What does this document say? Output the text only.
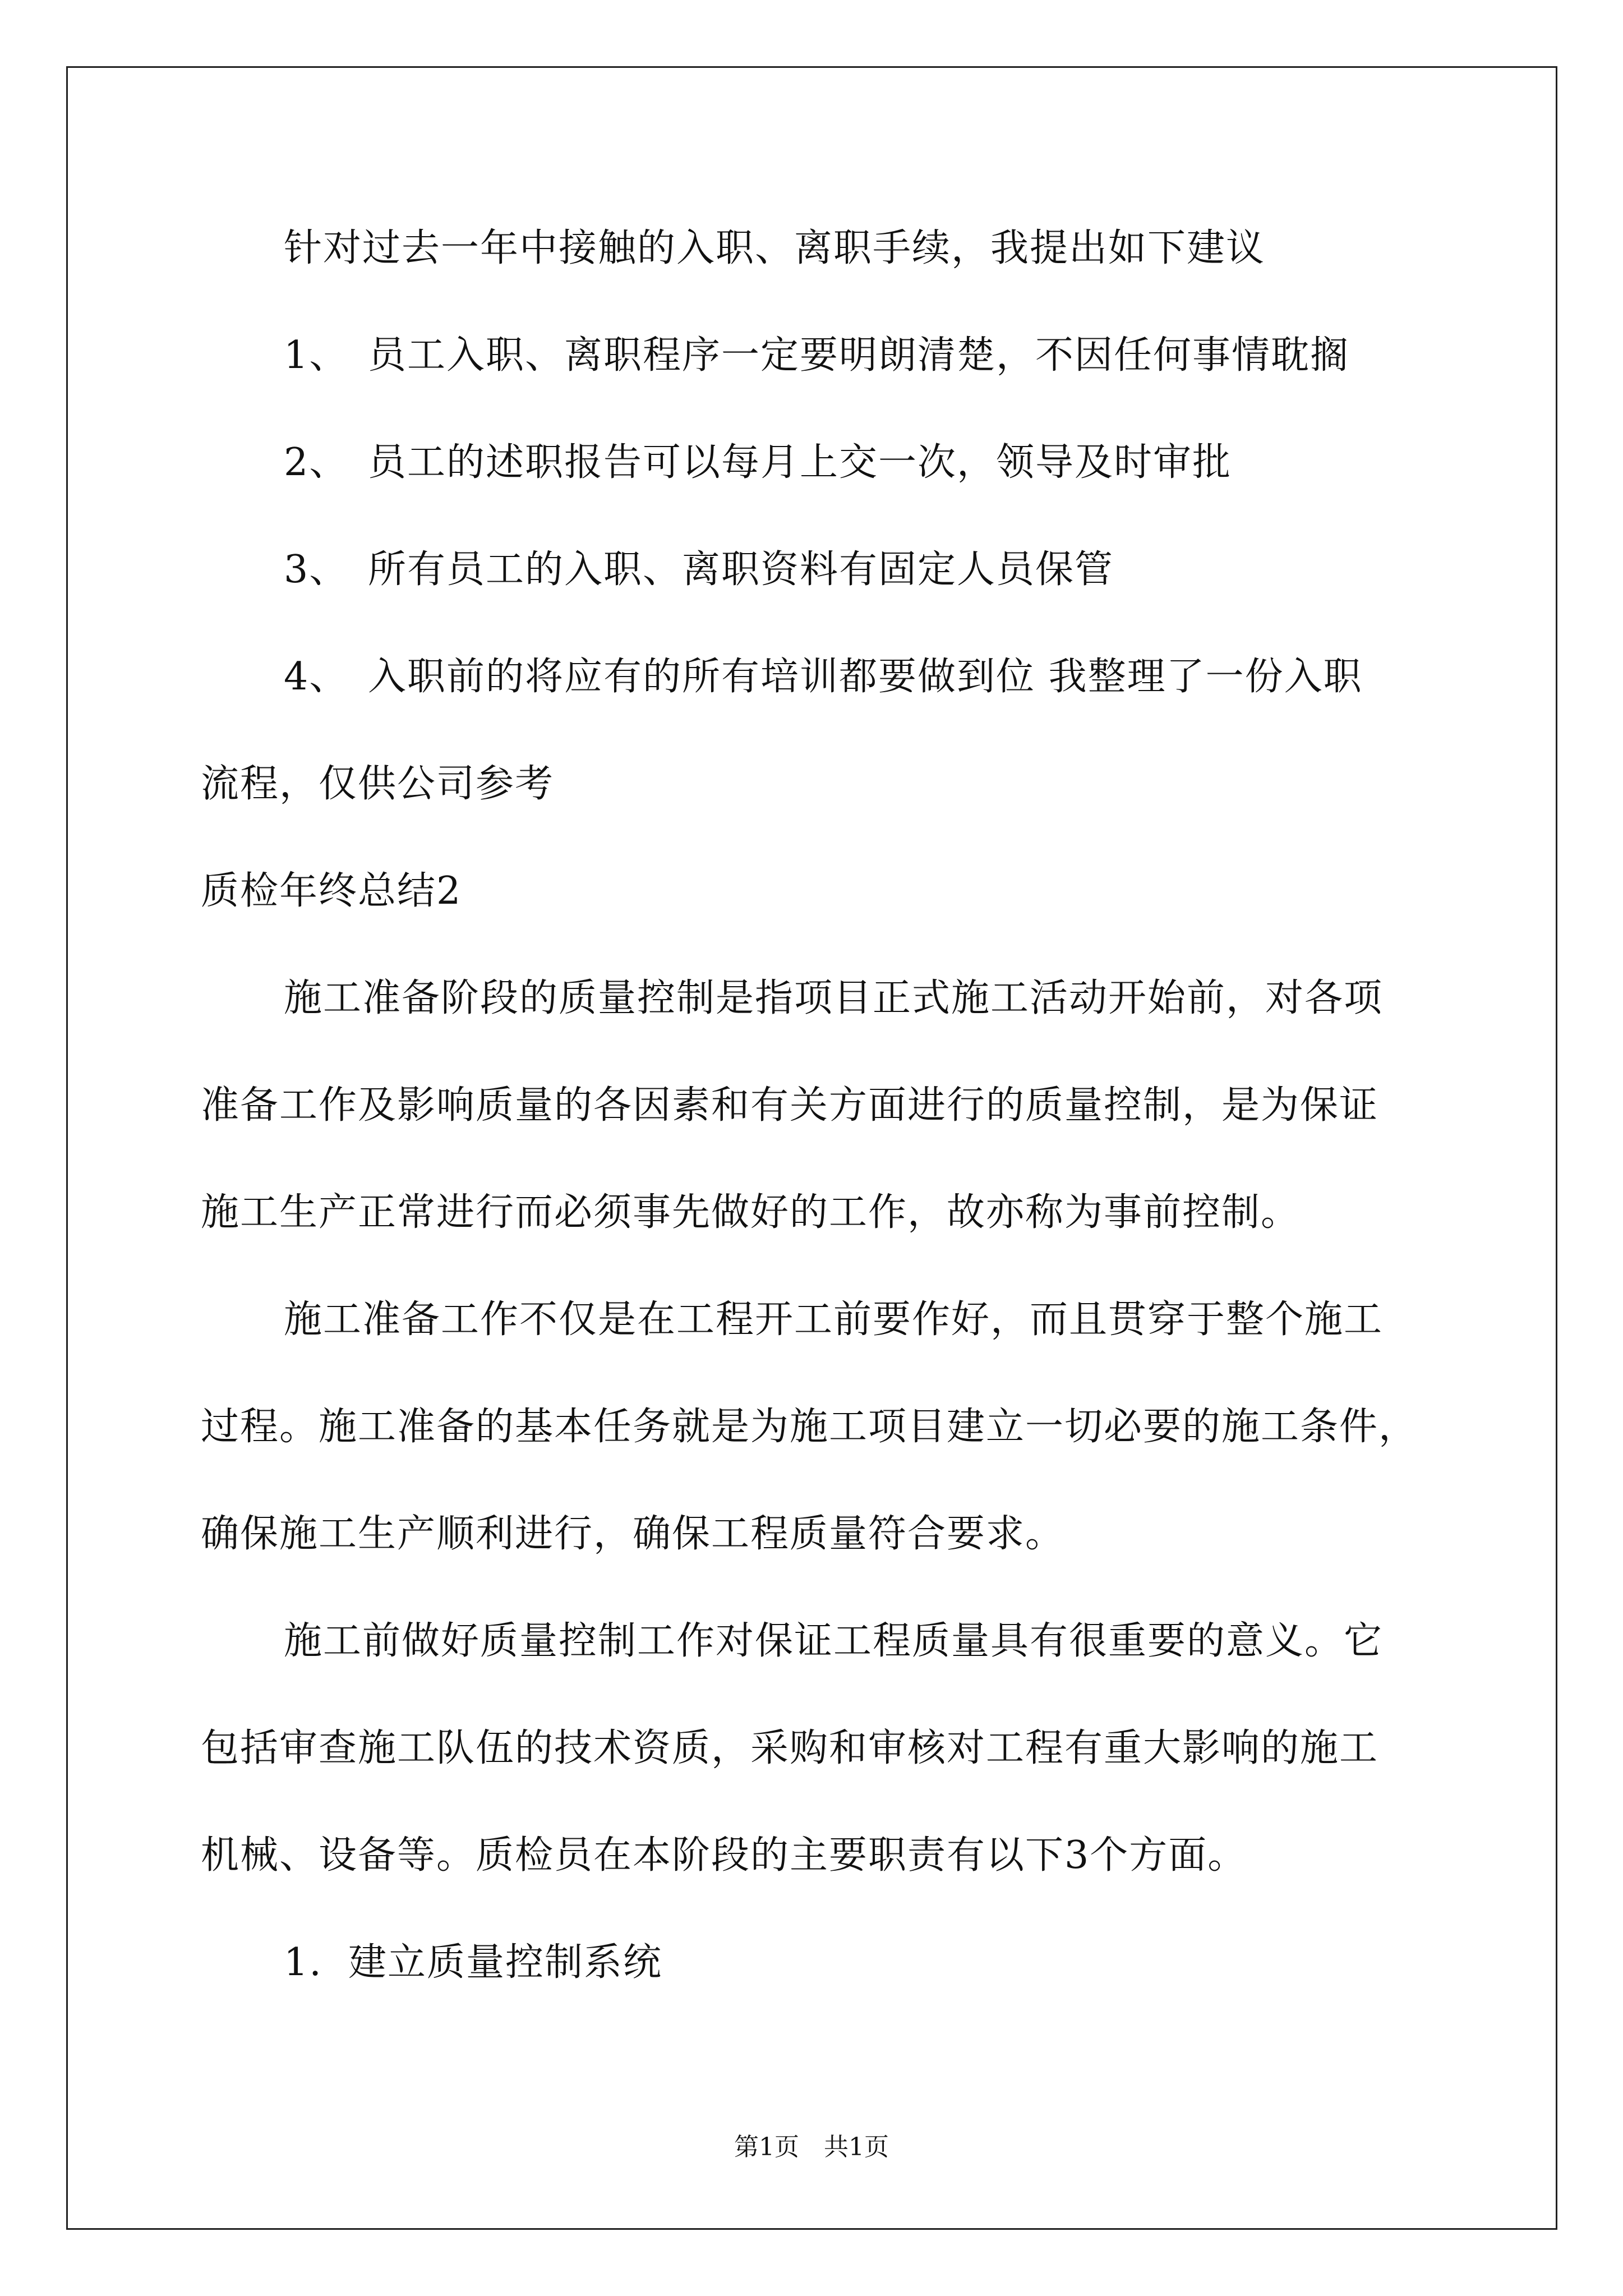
针对过去一年中接触的入职、离职手续，我提出如下建议
1、 员工入职、离职程序一定要明朗清楚，不因任何事情耽搁
2、 员工的述职报告可以每月上交一次，领导及时审批
3、 所有员工的入职、离职资料有固定人员保管
4、 入职前的将应有的所有培训都要做到位 我整理了一份入职
流程，仅供公司参考
质检年终总结2
施工准备阶段的质量控制是指项目正式施工活动开始前，对各项
准备工作及影响质量的各因素和有关方面进行的质量控制，是为保证
施工生产正常进行而必须事先做好的工作，故亦称为事前控制。
施工准备工作不仅是在工程开工前要作好，而且贯穿于整个施工
过程。施工准备的基本任务就是为施工项目建立一切必要的施工条件，
确保施工生产顺利进行，确保工程质量符合要求。
施工前做好质量控制工作对保证工程质量具有很重要的意义。它
包括审查施工队伍的技术资质，采购和审核对工程有重大影响的施工
机械、设备等。质检员在本阶段的主要职责有以下3个方面。
1. 建立质量控制系统
第1页　共1页
